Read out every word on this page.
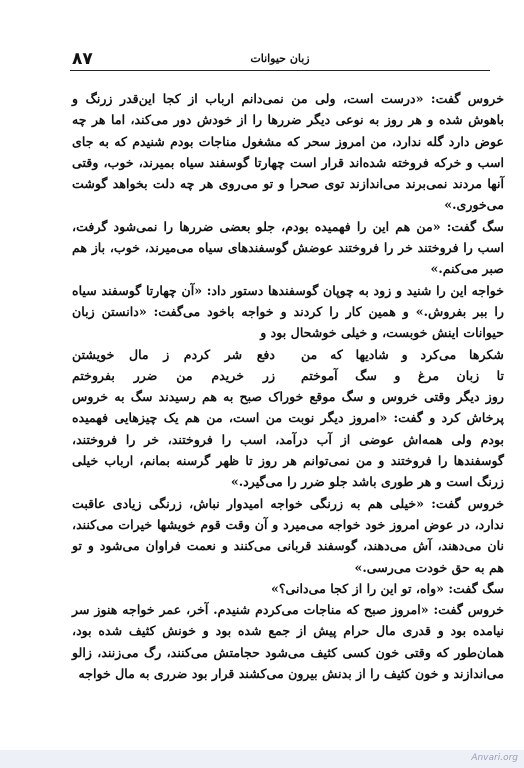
۸۷	زبان حیوانات

خروس گفت: «درست است، ولی من نمی‌دانم ارباب از کجا این‌قدر زرنگ و باهوش شده و هر روز به نوعی دیگر ضررها را از خودش دور می‌کند، اما هر چه عوض دارد گله ندارد، من امروز سحر که مشغول مناجات بودم شنیدم که به جای اسب و خرکه فروخته شده‌اند قرار است چهارتا گوسفند سیاه بمیرند، خوب، وقتی آنها مردند نمی‌برند می‌اندازند توی صحرا و تو می‌روی هر چه دلت بخواهد گوشت می‌خوری.»

سگ گفت: «من هم این را فهمیده بودم، جلو بعضی ضررها را نمی‌شود گرفت، اسب را فروختند خر را فروختند عوضش گوسفندهای سیاه می‌میرند، خوب، باز هم صبر می‌کنم.»

خواجه این را شنید و زود به چوپان گوسفندها دستور داد: «آن چهارتا گوسفند سیاه را ببر بفروش.» و همین کار را کردند و خواجه باخود می‌گفت: «دانستن زبان حیوانات اینش خوبست، و خیلی خوشحال بود و

شکرها می‌کرد و شادیها که من
دفع شر کردم ز مال خویشتن
تا زبان مرغ و سگ آموختم
زر خریدم من ضرر بفروختم

روز دیگر وقتی خروس و سگ موقع خوراک صبح به هم رسیدند سگ به خروس پرخاش کرد و گفت: «امروز دیگر نوبت من است، من هم یک چیزهایی فهمیده بودم ولی همه‌اش عوضی از آب درآمد، اسب را فروختند، خر را فروختند، گوسفندها را فروختند و من نمی‌توانم هر روز تا ظهر گرسنه بمانم، ارباب خیلی زرنگ است و هر طوری باشد جلو ضرر را می‌گیرد.»

خروس گفت: «خیلی هم به زرنگی خواجه امیدوار نباش، زرنگی زیادی عاقبت ندارد، در عوض امروز خود خواجه می‌میرد و آن وقت قوم خویشها خیرات می‌کنند، نان می‌دهند، آش می‌دهند، گوسفند قربانی می‌کنند و نعمت فراوان می‌شود و تو هم به حق خودت می‌رسی.»

سگ گفت: «واه، تو این را از کجا می‌دانی؟»

خروس گفت: «امروز صبح که مناجات می‌کردم شنیدم. آخر، عمر خواجه هنوز سر نیامده بود و قدری مال حرام پیش از جمع شده بود و خونش کثیف شده بود، همان‌طور که وقتی خون کسی کثیف می‌شود حجامتش می‌کنند، رگ می‌زنند، زالو می‌اندازند و خون کثیف را از بدنش بیرون می‌کشند قرار بود ضرری به مال خواجه

Anvari.org
